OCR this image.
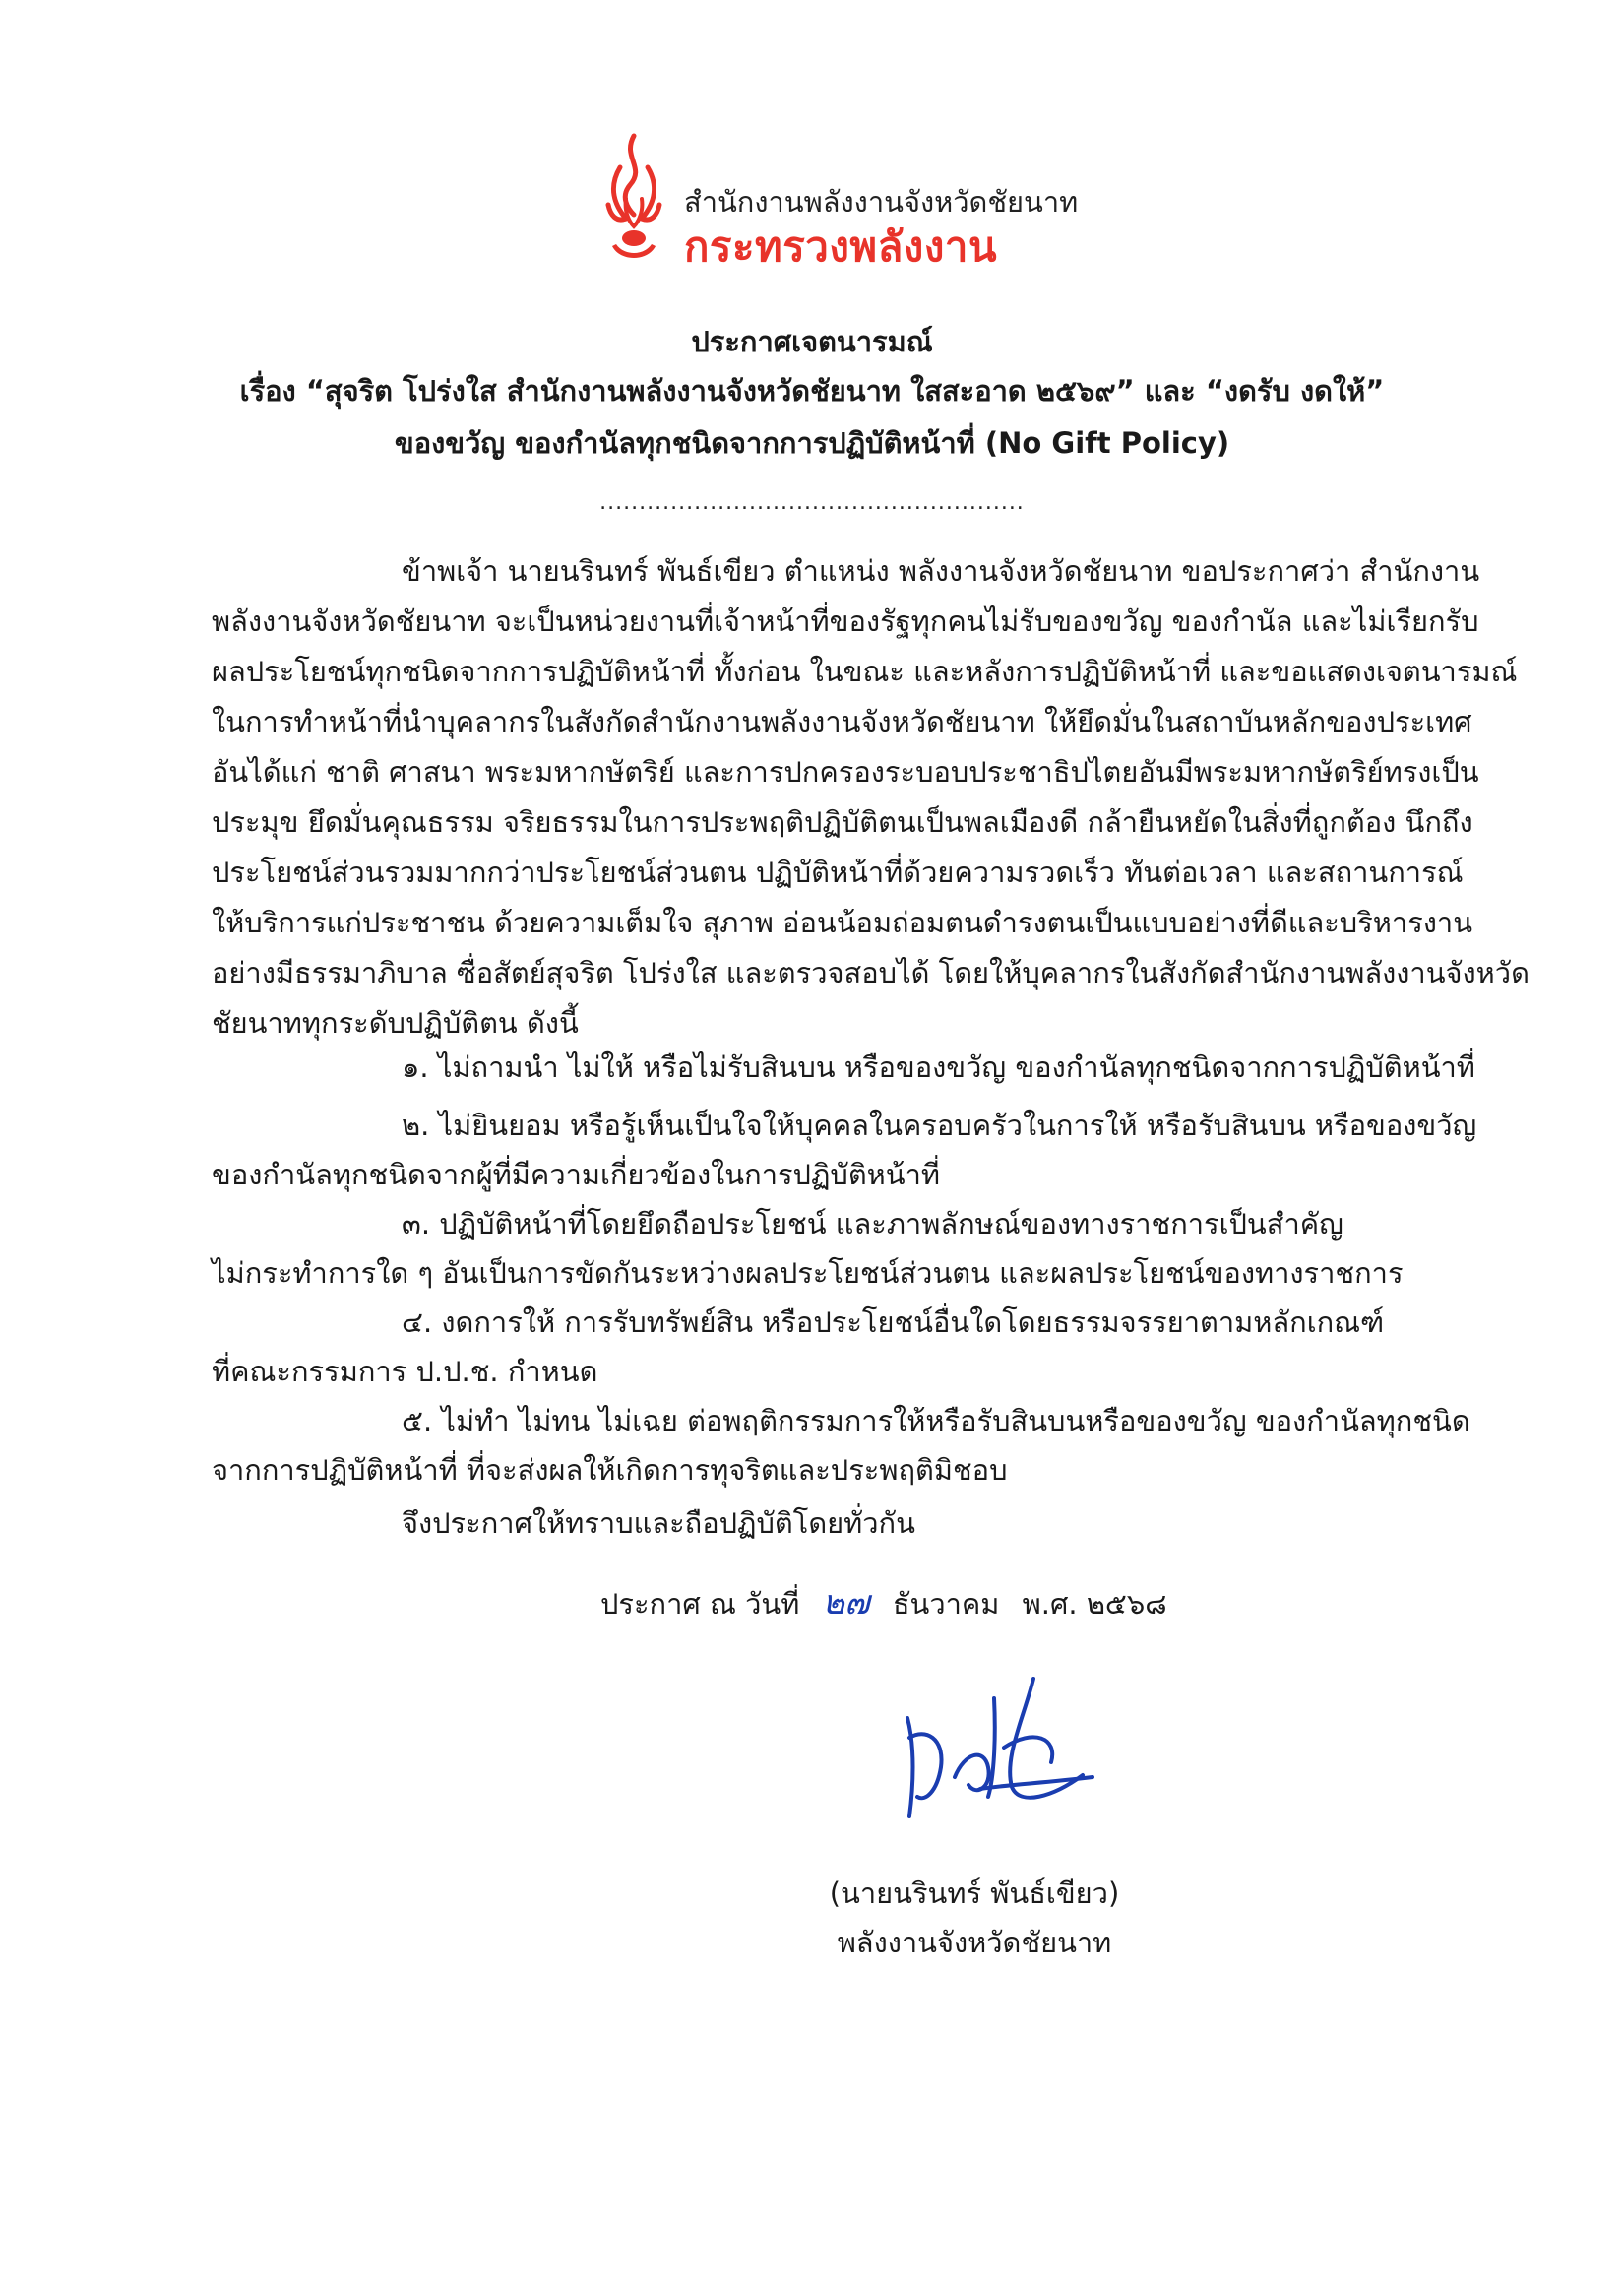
สำนักงานพลังงานจังหวัดชัยนาท
กระทรวงพลังงาน
ประกาศเจตนารมณ์
เรื่อง “สุจริต โปร่งใส สำนักงานพลังงานจังหวัดชัยนาท ใสสะอาด ๒๕๖๙” และ “งดรับ งดให้”
ของขวัญ ของกำนัลทุกชนิดจากการปฏิบัติหน้าที่ (No Gift Policy)
......................................................
ข้าพเจ้า นายนรินทร์ พันธ์เขียว ตำแหน่ง พลังงานจังหวัดชัยนาท ขอประกาศว่า สำนักงาน
พลังงานจังหวัดชัยนาท จะเป็นหน่วยงานที่เจ้าหน้าที่ของรัฐทุกคนไม่รับของขวัญ ของกำนัล และไม่เรียกรับ
ผลประโยชน์ทุกชนิดจากการปฏิบัติหน้าที่ ทั้งก่อน ในขณะ และหลังการปฏิบัติหน้าที่ และขอแสดงเจตนารมณ์
ในการทำหน้าที่นำบุคลากรในสังกัดสำนักงานพลังงานจังหวัดชัยนาท ให้ยึดมั่นในสถาบันหลักของประเทศ
อันได้แก่ ชาติ ศาสนา พระมหากษัตริย์ และการปกครองระบอบประชาธิปไตยอันมีพระมหากษัตริย์ทรงเป็น
ประมุข ยึดมั่นคุณธรรม จริยธรรมในการประพฤติปฏิบัติตนเป็นพลเมืองดี กล้ายืนหยัดในสิ่งที่ถูกต้อง นึกถึง
ประโยชน์ส่วนรวมมากกว่าประโยชน์ส่วนตน ปฏิบัติหน้าที่ด้วยความรวดเร็ว ทันต่อเวลา และสถานการณ์
ให้บริการแก่ประชาชน ด้วยความเต็มใจ สุภาพ อ่อนน้อมถ่อมตนดำรงตนเป็นแบบอย่างที่ดีและบริหารงาน
อย่างมีธรรมาภิบาล ซื่อสัตย์สุจริต โปร่งใส และตรวจสอบได้ โดยให้บุคลากรในสังกัดสำนักงานพลังงานจังหวัด
ชัยนาททุกระดับปฏิบัติตน ดังนี้
๑. ไม่ถามนำ ไม่ให้ หรือไม่รับสินบน หรือของขวัญ ของกำนัลทุกชนิดจากการปฏิบัติหน้าที่
๒. ไม่ยินยอม หรือรู้เห็นเป็นใจให้บุคคลในครอบครัวในการให้ หรือรับสินบน หรือของขวัญ
ของกำนัลทุกชนิดจากผู้ที่มีความเกี่ยวข้องในการปฏิบัติหน้าที่
๓. ปฏิบัติหน้าที่โดยยึดถือประโยชน์ และภาพลักษณ์ของทางราชการเป็นสำคัญ
ไม่กระทำการใด ๆ อันเป็นการขัดกันระหว่างผลประโยชน์ส่วนตน และผลประโยชน์ของทางราชการ
๔. งดการให้ การรับทรัพย์สิน หรือประโยชน์อื่นใดโดยธรรมจรรยาตามหลักเกณฑ์
ที่คณะกรรมการ ป.ป.ช. กำหนด
๕. ไม่ทำ ไม่ทน ไม่เฉย ต่อพฤติกรรมการให้หรือรับสินบนหรือของขวัญ ของกำนัลทุกชนิด
จากการปฏิบัติหน้าที่ ที่จะส่งผลให้เกิดการทุจริตและประพฤติมิชอบ
จึงประกาศให้ทราบและถือปฏิบัติโดยทั่วกัน
ประกาศ ณ วันที่ ๒๗ ธันวาคม พ.ศ. ๒๕๖๘
(นายนรินทร์ พันธ์เขียว)
พลังงานจังหวัดชัยนาท
